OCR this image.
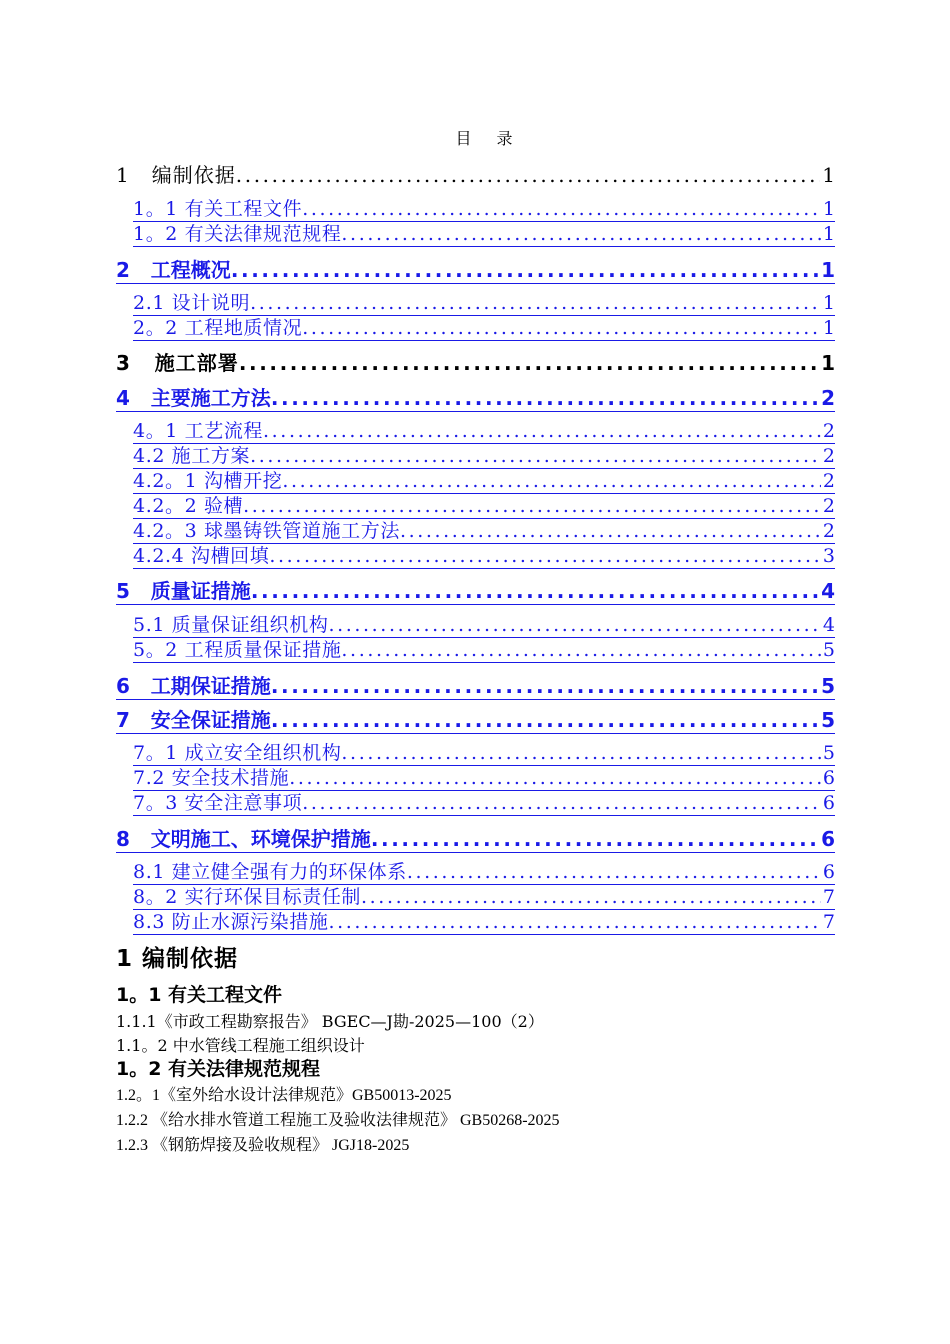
目 录
1   编制依据 .....	1
1。1 有关工程文件 .....	1
1。2 有关法律规范规程 .....	1
2   工程概况 .....	1
2.1 设计说明 .....	1
2。2 工程地质情况 .....	1
3   施工部署 .....	1
4   主要施工方法 .....	2
4。1 工艺流程 .....	2
4.2 施工方案 .....	2
4.2。1 沟槽开挖 .....	2
4.2。2 验槽 .....	2
4.2。3 球墨铸铁管道施工方法 .....	2
4.2.4 沟槽回填 .....	3
5   质量证措施 .....	4
5.1 质量保证组织机构 .....	4
5。2 工程质量保证措施 .....	5
6   工期保证措施 .....	5
7   安全保证措施 .....	5
7。1 成立安全组织机构 .....	5
7.2 安全技术措施 .....	6
7。3 安全注意事项 .....	6
8   文明施工、环境保护措施 .....	6
8.1 建立健全强有力的环保体系 .....	6
8。2 实行环保目标责任制 .....	7
8.3 防止水源污染措施 .....	7
1 编制依据
1。1 有关工程文件
1.1.1《市政工程勘察报告》 BGEC—J勘-2025—100（2）
1.1。2 中水管线工程施工组织设计
1。2 有关法律规范规程
1.2。1《室外给水设计法律规范》GB50013-2025
1.2.2 《给水排水管道工程施工及验收法律规范》 GB50268-2025
1.2.3 《钢筋焊接及验收规程》 JGJ18-2025
